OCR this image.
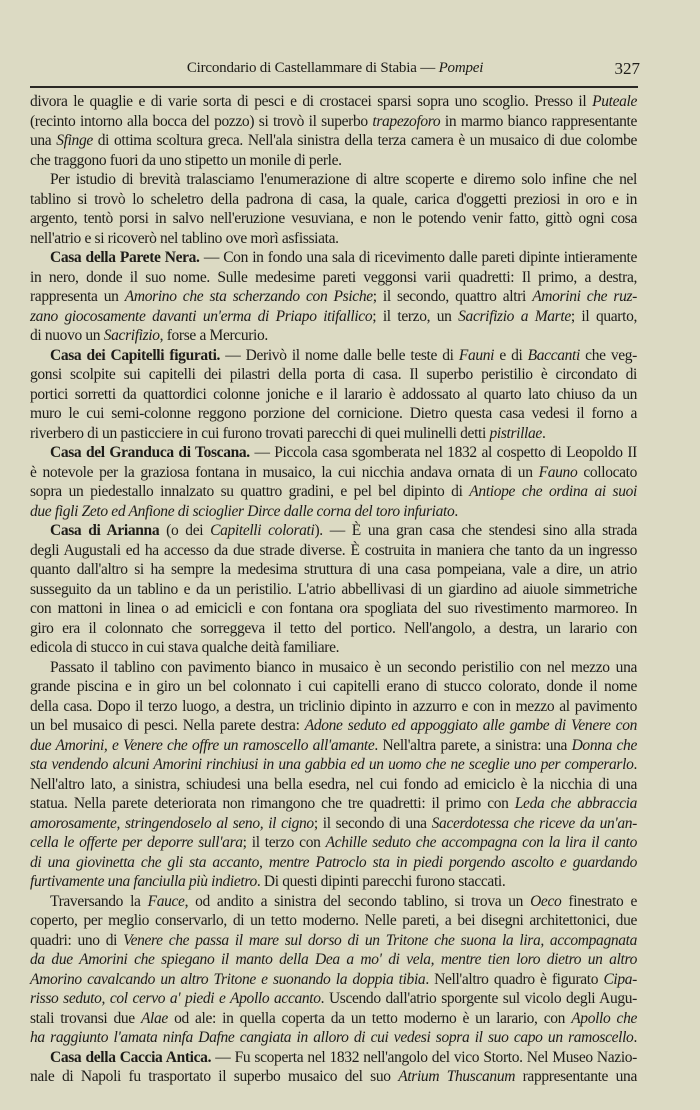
Circondario di Castellammare di Stabia — Pompei	327
divora le quaglie e di varie sorta di pesci e di crostacei sparsi sopra uno scoglio. Presso il Puteale
(recinto intorno alla bocca del pozzo) si trovò il superbo trapezoforo in marmo bianco rappresentante
una Sfinge di ottima scoltura greca. Nell'ala sinistra della terza camera è un musaico di due colombe
che traggono fuori da uno stipetto un monile di perle.
Per istudio di brevità tralasciamo l'enumerazione di altre scoperte e diremo solo infine che nel
tablino si trovò lo scheletro della padrona di casa, la quale, carica d'oggetti preziosi in oro e in
argento, tentò porsi in salvo nell'eruzione vesuviana, e non le potendo venir fatto, gittò ogni cosa
nell'atrio e si ricoverò nel tablino ove morì asfissiata.
Casa della Parete Nera. — Con in fondo una sala di ricevimento dalle pareti dipinte intieramente
in nero, donde il suo nome. Sulle medesime pareti veggonsi varii quadretti: Il primo, a destra,
rappresenta un Amorino che sta scherzando con Psiche; il secondo, quattro altri Amorini che ruz-
zano giocosamente davanti un'erma di Priapo itifallico; il terzo, un Sacrifizio a Marte; il quarto,
di nuovo un Sacrifizio, forse a Mercurio.
Casa dei Capitelli figurati. — Derivò il nome dalle belle teste di Fauni e di Baccanti che veg-
gonsi scolpite sui capitelli dei pilastri della porta di casa. Il superbo peristilio è circondato di
portici sorretti da quattordici colonne joniche e il larario è addossato al quarto lato chiuso da un
muro le cui semi-colonne reggono porzione del cornicione. Dietro questa casa vedesi il forno a
riverbero di un pasticciere in cui furono trovati parecchi di quei mulinelli detti pistrillae.
Casa del Granduca di Toscana. — Piccola casa sgomberata nel 1832 al cospetto di Leopoldo II
è notevole per la graziosa fontana in musaico, la cui nicchia andava ornata di un Fauno collocato
sopra un piedestallo innalzato su quattro gradini, e pel bel dipinto di Antiope che ordina ai suoi
due figli Zeto ed Anfione di scioglier Dirce dalle corna del toro infuriato.
Casa di Arianna (o dei Capitelli colorati). — È una gran casa che stendesi sino alla strada
degli Augustali ed ha accesso da due strade diverse. È costruita in maniera che tanto da un ingresso
quanto dall'altro si ha sempre la medesima struttura di una casa pompeiana, vale a dire, un atrio
susseguito da un tablino e da un peristilio. L'atrio abbellivasi di un giardino ad aiuole simmetriche
con mattoni in linea o ad emicicli e con fontana ora spogliata del suo rivestimento marmoreo. In
giro era il colonnato che sorreggeva il tetto del portico. Nell'angolo, a destra, un larario con
edicola di stucco in cui stava qualche deità familiare.
Passato il tablino con pavimento bianco in musaico è un secondo peristilio con nel mezzo una
grande piscina e in giro un bel colonnato i cui capitelli erano di stucco colorato, donde il nome
della casa. Dopo il terzo luogo, a destra, un triclinio dipinto in azzurro e con in mezzo al pavimento
un bel musaico di pesci. Nella parete destra: Adone seduto ed appoggiato alle gambe di Venere con
due Amorini, e Venere che offre un ramoscello all'amante. Nell'altra parete, a sinistra: una Donna che
sta vendendo alcuni Amorini rinchiusi in una gabbia ed un uomo che ne sceglie uno per comperarlo.
Nell'altro lato, a sinistra, schiudesi una bella esedra, nel cui fondo ad emiciclo è la nicchia di una
statua. Nella parete deteriorata non rimangono che tre quadretti: il primo con Leda che abbraccia
amorosamente, stringendoselo al seno, il cigno; il secondo di una Sacerdotessa che riceve da un'an-
cella le offerte per deporre sull'ara; il terzo con Achille seduto che accompagna con la lira il canto
di una giovinetta che gli sta accanto, mentre Patroclo sta in piedi porgendo ascolto e guardando
furtivamente una fanciulla più indietro. Di questi dipinti parecchi furono staccati.
Traversando la Fauce, od andito a sinistra del secondo tablino, si trova un Oeco finestrato e
coperto, per meglio conservarlo, di un tetto moderno. Nelle pareti, a bei disegni architettonici, due
quadri: uno di Venere che passa il mare sul dorso di un Tritone che suona la lira, accompagnata
da due Amorini che spiegano il manto della Dea a mo' di vela, mentre tien loro dietro un altro
Amorino cavalcando un altro Tritone e suonando la doppia tibia. Nell'altro quadro è figurato Cipa-
risso seduto, col cervo a' piedi e Apollo accanto. Uscendo dall'atrio sporgente sul vicolo degli Augu-
stali trovansi due Alae od ale: in quella coperta da un tetto moderno è un larario, con Apollo che
ha raggiunto l'amata ninfa Dafne cangiata in alloro di cui vedesi sopra il suo capo un ramoscello.
Casa della Caccia Antica. — Fu scoperta nel 1832 nell'angolo del vico Storto. Nel Museo Nazio-
nale di Napoli fu trasportato il superbo musaico del suo Atrium Thuscanum rappresentante una
